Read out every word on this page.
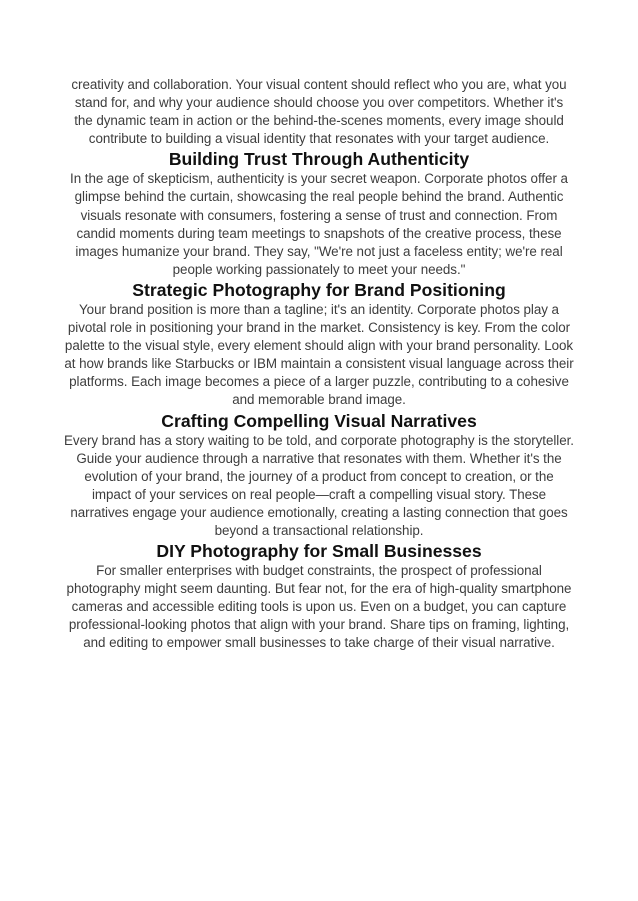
creativity and collaboration. Your visual content should reflect who you are, what you stand for, and why your audience should choose you over competitors. Whether it's the dynamic team in action or the behind-the-scenes moments, every image should contribute to building a visual identity that resonates with your target audience.

Building Trust Through Authenticity

In the age of skepticism, authenticity is your secret weapon. Corporate photos offer a glimpse behind the curtain, showcasing the real people behind the brand. Authentic visuals resonate with consumers, fostering a sense of trust and connection. From candid moments during team meetings to snapshots of the creative process, these images humanize your brand. They say, "We're not just a faceless entity; we're real people working passionately to meet your needs."

Strategic Photography for Brand Positioning

Your brand position is more than a tagline; it's an identity. Corporate photos play a pivotal role in positioning your brand in the market. Consistency is key. From the color palette to the visual style, every element should align with your brand personality. Look at how brands like Starbucks or IBM maintain a consistent visual language across their platforms. Each image becomes a piece of a larger puzzle, contributing to a cohesive and memorable brand image.

Crafting Compelling Visual Narratives

Every brand has a story waiting to be told, and corporate photography is the storyteller. Guide your audience through a narrative that resonates with them. Whether it's the evolution of your brand, the journey of a product from concept to creation, or the impact of your services on real people—craft a compelling visual story. These narratives engage your audience emotionally, creating a lasting connection that goes beyond a transactional relationship.

DIY Photography for Small Businesses

For smaller enterprises with budget constraints, the prospect of professional photography might seem daunting. But fear not, for the era of high-quality smartphone cameras and accessible editing tools is upon us. Even on a budget, you can capture professional-looking photos that align with your brand. Share tips on framing, lighting, and editing to empower small businesses to take charge of their visual narrative.
